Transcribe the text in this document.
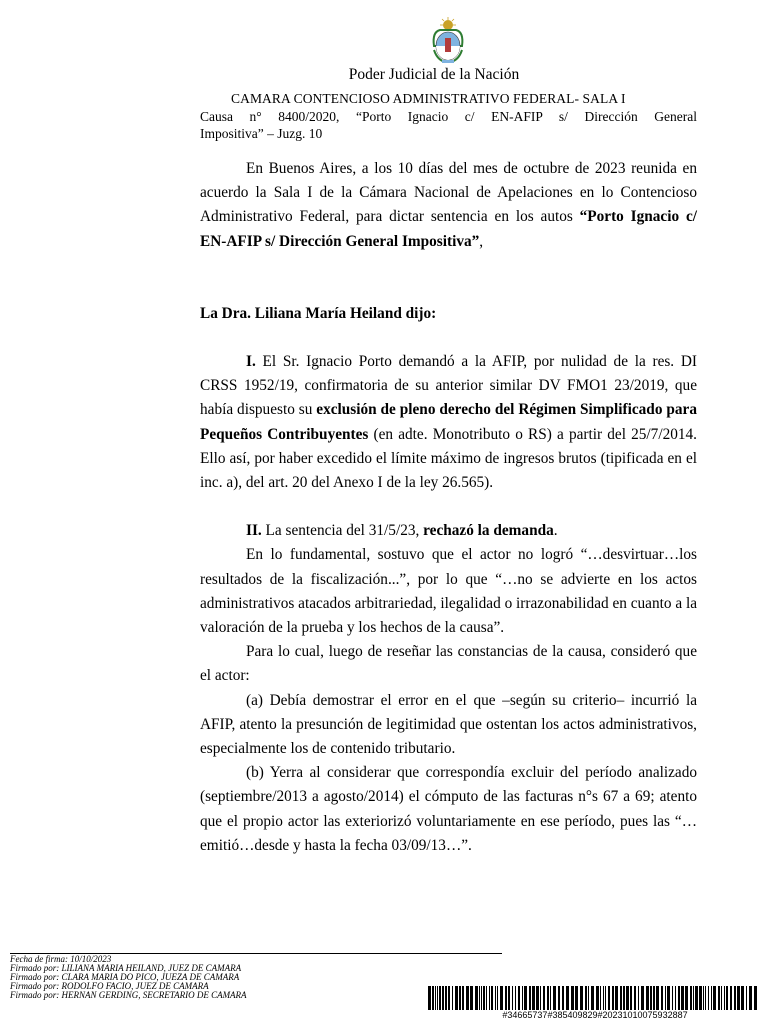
Poder Judicial de la Nación
CAMARA CONTENCIOSO ADMINISTRATIVO FEDERAL- SALA I
Causa n° 8400/2020, “Porto Ignacio c/ EN-AFIP s/ Dirección General
Impositiva” – Juzg. 10

En Buenos Aires, a los 10 días del mes de octubre de 2023 reunida en acuerdo la Sala I de la Cámara Nacional de Apelaciones en lo Contencioso Administrativo Federal, para dictar sentencia en los autos “Porto Ignacio c/ EN-AFIP s/ Dirección General Impositiva”,

La Dra. Liliana María Heiland dijo:

I. El Sr. Ignacio Porto demandó a la AFIP, por nulidad de la res. DI CRSS 1952/19, confirmatoria de su anterior similar DV FMO1 23/2019, que había dispuesto su exclusión de pleno derecho del Régimen Simplificado para Pequeños Contribuyentes (en adte. Monotributo o RS) a partir del 25/7/2014. Ello así, por haber excedido el límite máximo de ingresos brutos (tipificada en el inc. a), del art. 20 del Anexo I de la ley 26.565).

II. La sentencia del 31/5/23, rechazó la demanda.

En lo fundamental, sostuvo que el actor no logró “…desvirtuar…los resultados de la fiscalización...”, por lo que “…no se advierte en los actos administrativos atacados arbitrariedad, ilegalidad o irrazonabilidad en cuanto a la valoración de la prueba y los hechos de la causa”.

Para lo cual, luego de reseñar las constancias de la causa, consideró que el actor:

(a) Debía demostrar el error en el que –según su criterio– incurrió la AFIP, atento la presunción de legitimidad que ostentan los actos administrativos, especialmente los de contenido tributario.

(b) Yerra al considerar que correspondía excluir del período analizado (septiembre/2013 a agosto/2014) el cómputo de las facturas n°s 67 a 69; atento que el propio actor las exteriorizó voluntariamente en ese período, pues las “…emitió…desde y hasta la fecha 03/09/13…”.

Fecha de firma: 10/10/2023
Firmado por: LILIANA MARIA HEILAND, JUEZ DE CAMARA
Firmado por: CLARA MARIA DO PICO, JUEZA DE CAMARA
Firmado por: RODOLFO FACIO, JUEZ DE CAMARA
Firmado por: HERNAN GERDING, SECRETARIO DE CAMARA
#34665737#385409829#20231010075932887
